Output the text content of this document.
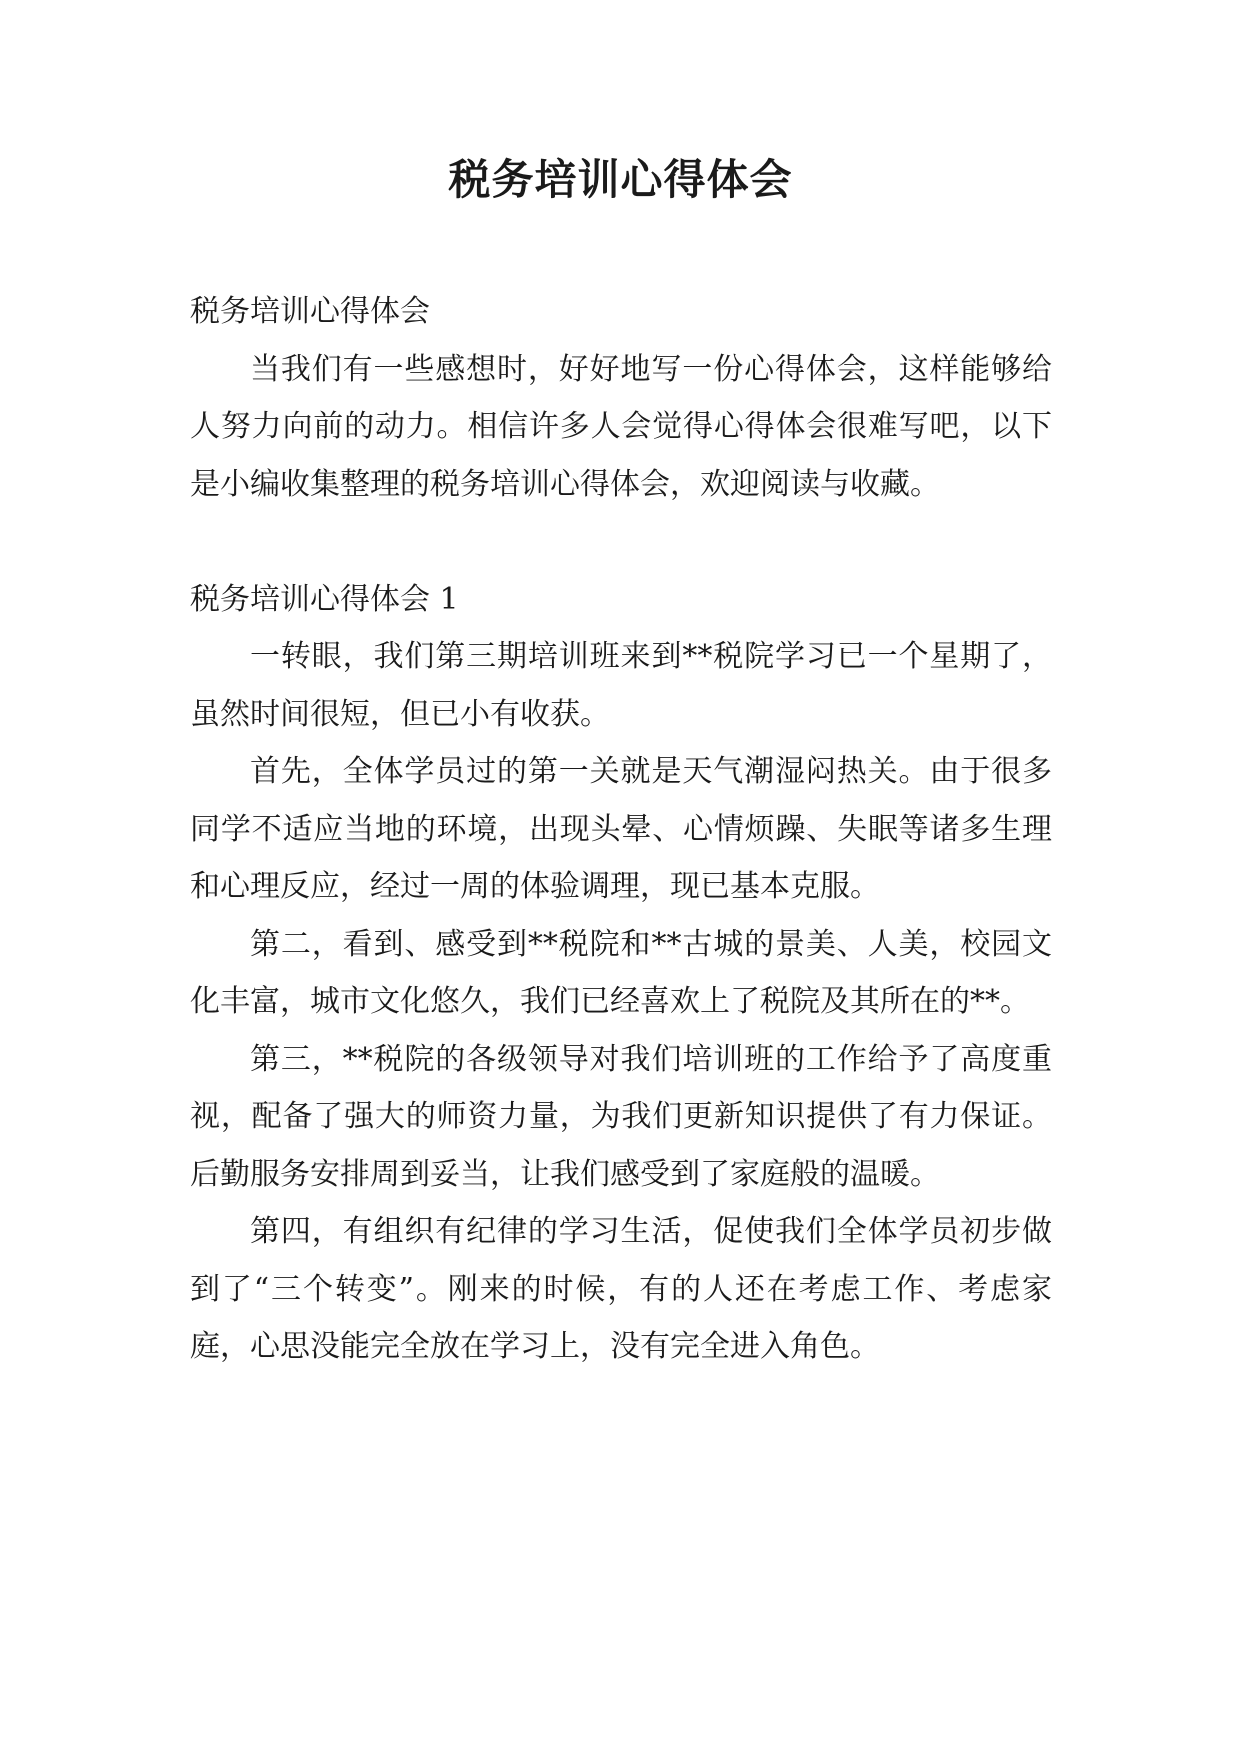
税务培训心得体会

税务培训心得体会

当我们有一些感想时，好好地写一份心得体会，这样能够给人努力向前的动力。相信许多人会觉得心得体会很难写吧，以下是小编收集整理的税务培训心得体会，欢迎阅读与收藏。

税务培训心得体会 1

一转眼，我们第三期培训班来到**税院学习已一个星期了，虽然时间很短，但已小有收获。

首先，全体学员过的第一关就是天气潮湿闷热关。由于很多同学不适应当地的环境，出现头晕、心情烦躁、失眠等诸多生理和心理反应，经过一周的体验调理，现已基本克服。

第二，看到、感受到**税院和**古城的景美、人美，校园文化丰富，城市文化悠久，我们已经喜欢上了税院及其所在的**。

第三，**税院的各级领导对我们培训班的工作给予了高度重视，配备了强大的师资力量，为我们更新知识提供了有力保证。后勤服务安排周到妥当，让我们感受到了家庭般的温暖。

第四，有组织有纪律的学习生活，促使我们全体学员初步做到了“三个转变”。刚来的时候，有的人还在考虑工作、考虑家庭，心思没能完全放在学习上，没有完全进入角色。
